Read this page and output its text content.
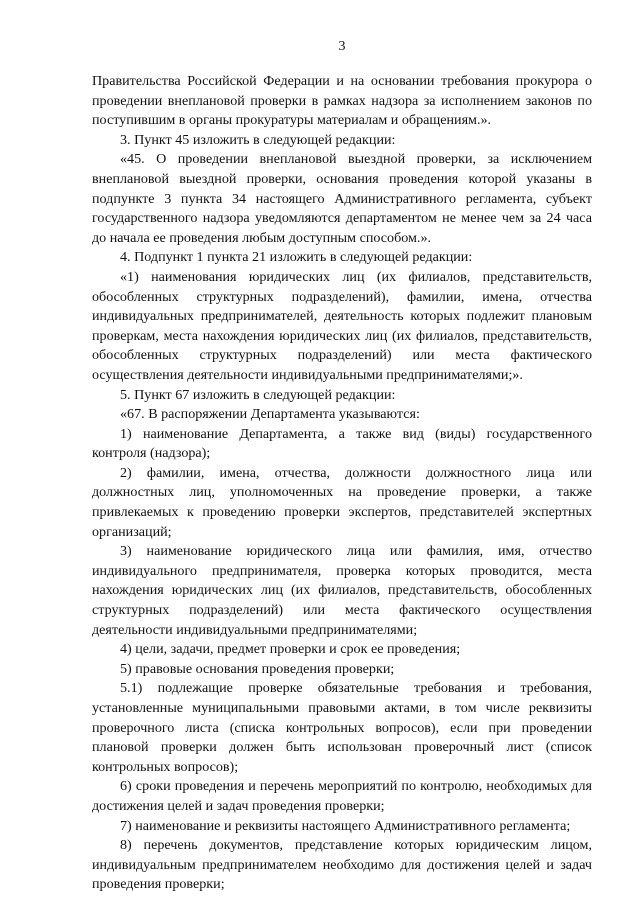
3

Правительства Российской Федерации и на основании требования прокурора о проведении внеплановой проверки в рамках надзора за исполнением законов по поступившим в органы прокуратуры материалам и обращениям.».

3. Пункт 45 изложить в следующей редакции:

«45. О проведении внеплановой выездной проверки, за исключением внеплановой выездной проверки, основания проведения которой указаны в подпункте 3 пункта 34 настоящего Административного регламента, субъект государственного надзора уведомляются департаментом не менее чем за 24 часа до начала ее проведения любым доступным способом.».

4. Подпункт 1 пункта 21 изложить в следующей редакции:

«1) наименования юридических лиц (их филиалов, представительств, обособленных структурных подразделений), фамилии, имена, отчества индивидуальных предпринимателей, деятельность которых подлежит плановым проверкам, места нахождения юридических лиц (их филиалов, представительств, обособленных структурных подразделений) или места фактического осуществления деятельности индивидуальными предпринимателями;».

5. Пункт 67 изложить в следующей редакции:

«67. В распоряжении Департамента указываются:

1) наименование Департамента, а также вид (виды) государственного контроля (надзора);

2) фамилии, имена, отчества, должности должностного лица или должностных лиц, уполномоченных на проведение проверки, а также привлекаемых к проведению проверки экспертов, представителей экспертных организаций;

3) наименование юридического лица или фамилия, имя, отчество индивидуального предпринимателя, проверка которых проводится, места нахождения юридических лиц (их филиалов, представительств, обособленных структурных подразделений) или места фактического осуществления деятельности индивидуальными предпринимателями;

4) цели, задачи, предмет проверки и срок ее проведения;

5) правовые основания проведения проверки;

5.1) подлежащие проверке обязательные требования и требования, установленные муниципальными правовыми актами, в том числе реквизиты проверочного листа (списка контрольных вопросов), если при проведении плановой проверки должен быть использован проверочный лист (список контрольных вопросов);

6) сроки проведения и перечень мероприятий по контролю, необходимых для достижения целей и задач проведения проверки;

7) наименование и реквизиты настоящего Административного регламента;

8) перечень документов, представление которых юридическим лицом, индивидуальным предпринимателем необходимо для достижения целей и задач проведения проверки;
